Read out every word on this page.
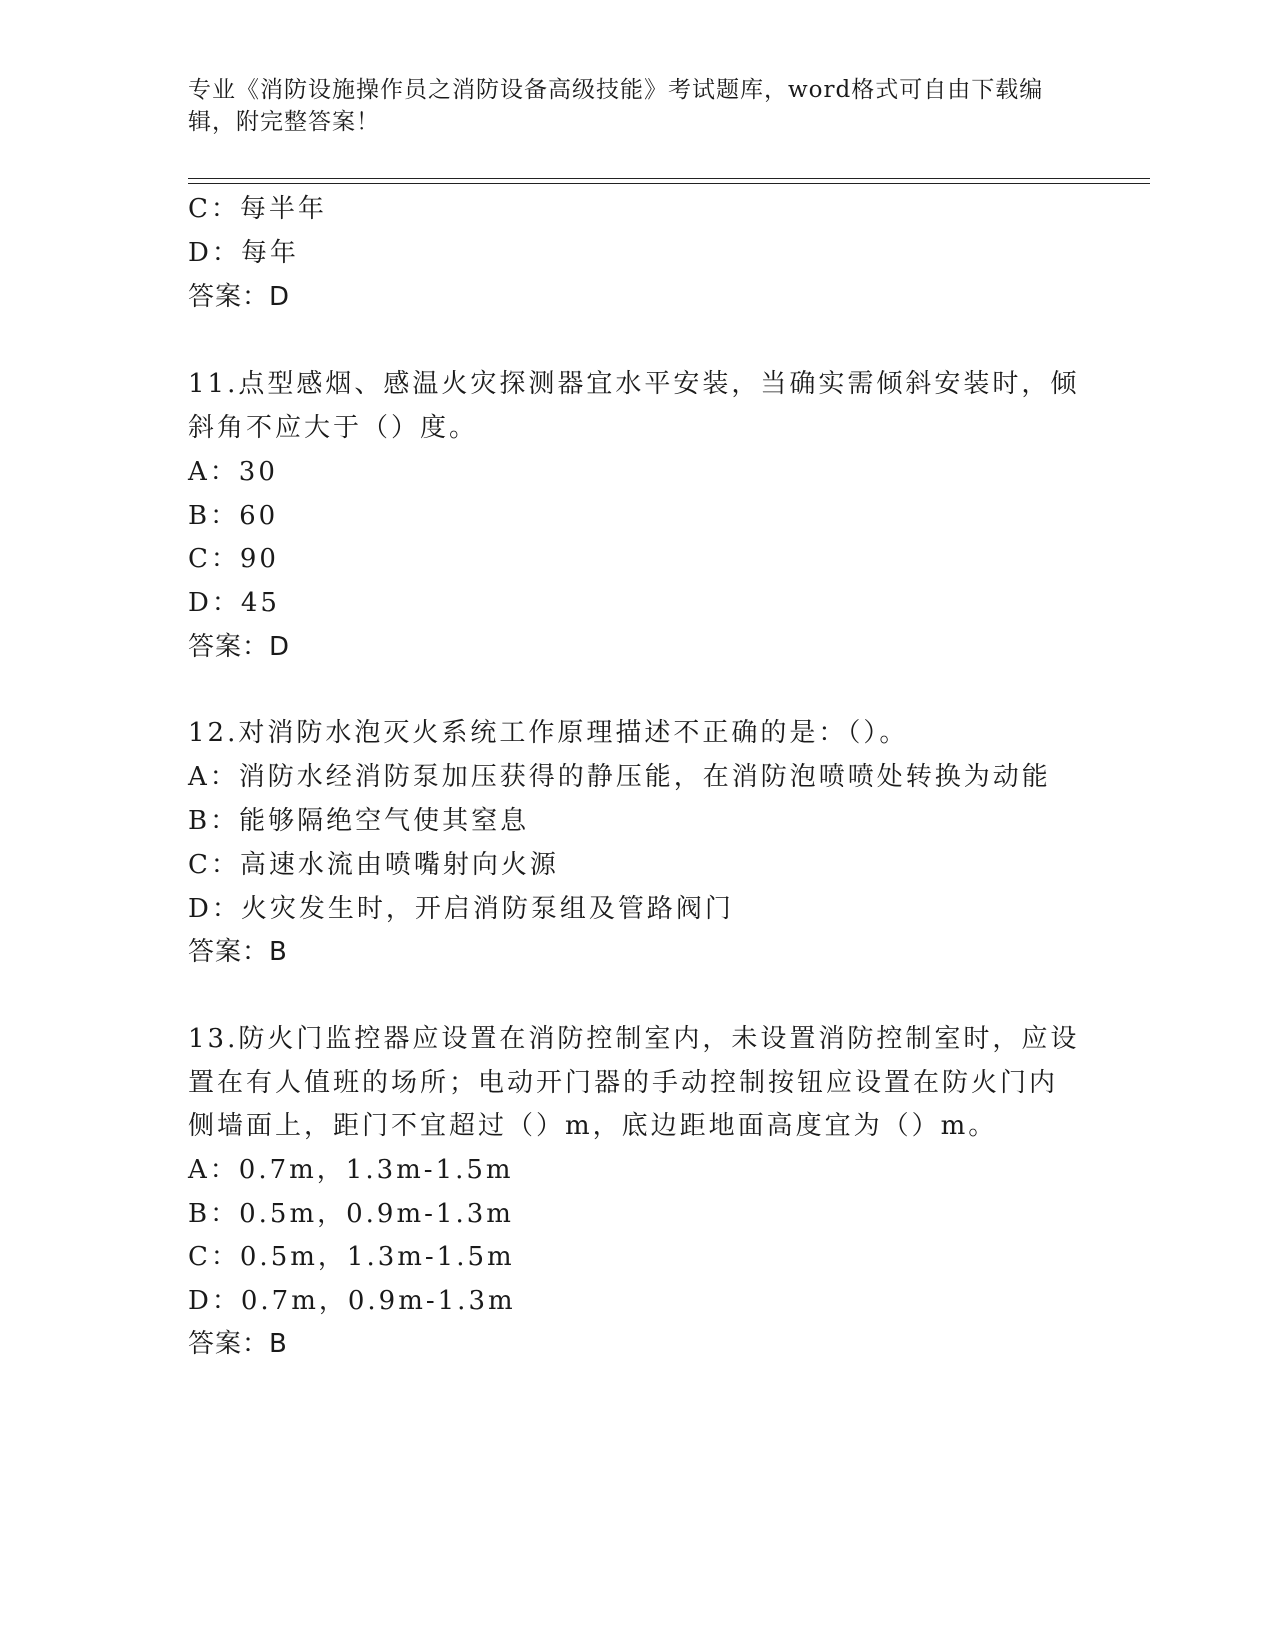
专业《消防设施操作员之消防设备高级技能》考试题库，word格式可自由下载编辑，附完整答案！
C：每半年
D：每年
答案：D
11.点型感烟、感温火灾探测器宜水平安装，当确实需倾斜安装时，倾
斜角不应大于（）度。
A：30
B：60
C：90
D：45
答案：D
12.对消防水泡灭火系统工作原理描述不正确的是：（）。
A：消防水经消防泵加压获得的静压能，在消防泡喷喷处转换为动能
B：能够隔绝空气使其窒息
C：高速水流由喷嘴射向火源
D：火灾发生时，开启消防泵组及管路阀门
答案：B
13.防火门监控器应设置在消防控制室内，未设置消防控制室时，应设
置在有人值班的场所；电动开门器的手动控制按钮应设置在防火门内
侧墙面上，距门不宜超过（）m，底边距地面高度宜为（）m。
A：0.7m，1.3m-1.5m
B：0.5m，0.9m-1.3m
C：0.5m，1.3m-1.5m
D：0.7m，0.9m-1.3m
答案：B
